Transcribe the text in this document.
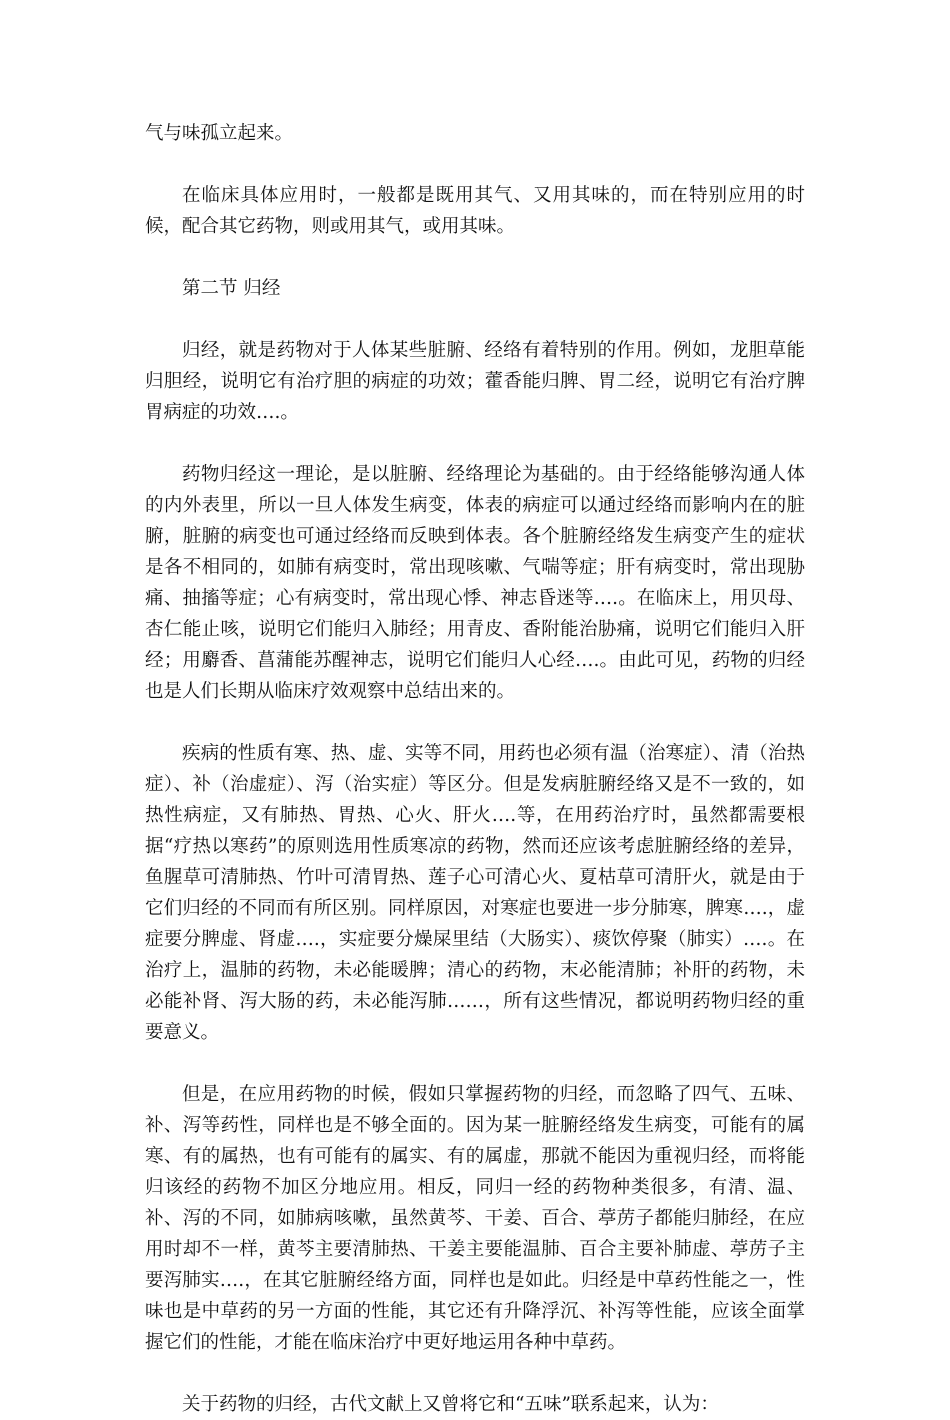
气与味孤立起来。

在临床具体应用时，一般都是既用其气、又用其味的，而在特别应用的时候，配合其它药物，则或用其气，或用其味。

第二节 归经

归经，就是药物对于人体某些脏腑、经络有着特别的作用。例如，龙胆草能归胆经，说明它有治疗胆的病症的功效；藿香能归脾、胃二经，说明它有治疗脾胃病症的功效….。

药物归经这一理论，是以脏腑、经络理论为基础的。由于经络能够沟通人体的内外表里，所以一旦人体发生病变，体表的病症可以通过经络而影响内在的脏腑，脏腑的病变也可通过经络而反映到体表。各个脏腑经络发生病变产生的症状是各不相同的，如肺有病变时，常出现咳嗽、气喘等症；肝有病变时，常出现胁痛、抽搐等症；心有病变时，常出现心悸、神志昏迷等….。在临床上，用贝母、杏仁能止咳，说明它们能归入肺经；用青皮、香附能治胁痛，说明它们能归入肝经；用麝香、菖蒲能苏醒神志，说明它们能归人心经….。由此可见，药物的归经也是人们长期从临床疗效观察中总结出来的。

疾病的性质有寒、热、虚、实等不同，用药也必须有温（治寒症）、清（治热症）、补（治虚症）、泻（治实症）等区分。但是发病脏腑经络又是不一致的，如热性病症，又有肺热、胃热、心火、肝火….等，在用药治疗时，虽然都需要根据“疗热以寒药”的原则选用性质寒凉的药物，然而还应该考虑脏腑经络的差异，鱼腥草可清肺热、竹叶可清胃热、莲子心可清心火、夏枯草可清肝火，就是由于它们归经的不同而有所区别。同样原因，对寒症也要进一步分肺寒，脾寒….，虚症要分脾虚、肾虚….，实症要分燥屎里结（大肠实）、痰饮停聚（肺实）….。在治疗上，温肺的药物，未必能暖脾；清心的药物，末必能清肺；补肝的药物，未必能补肾、泻大肠的药，未必能泻肺……，所有这些情况，都说明药物归经的重要意义。

但是，在应用药物的时候，假如只掌握药物的归经，而忽略了四气、五味、补、泻等药性，同样也是不够全面的。因为某一脏腑经络发生病变，可能有的属寒、有的属热，也有可能有的属实、有的属虚，那就不能因为重视归经，而将能归该经的药物不加区分地应用。相反，同归一经的药物种类很多，有清、温、补、泻的不同，如肺病咳嗽，虽然黄芩、干姜、百合、葶苈子都能归肺经，在应用时却不一样，黄芩主要清肺热、干姜主要能温肺、百合主要补肺虚、葶苈子主要泻肺实….，在其它脏腑经络方面，同样也是如此。归经是中草药性能之一，性味也是中草药的另一方面的性能，其它还有升降浮沉、补泻等性能，应该全面掌握它们的性能，才能在临床治疗中更好地运用各种中草药。

关于药物的归经，古代文献上又曾将它和“五味”联系起来，认为：
